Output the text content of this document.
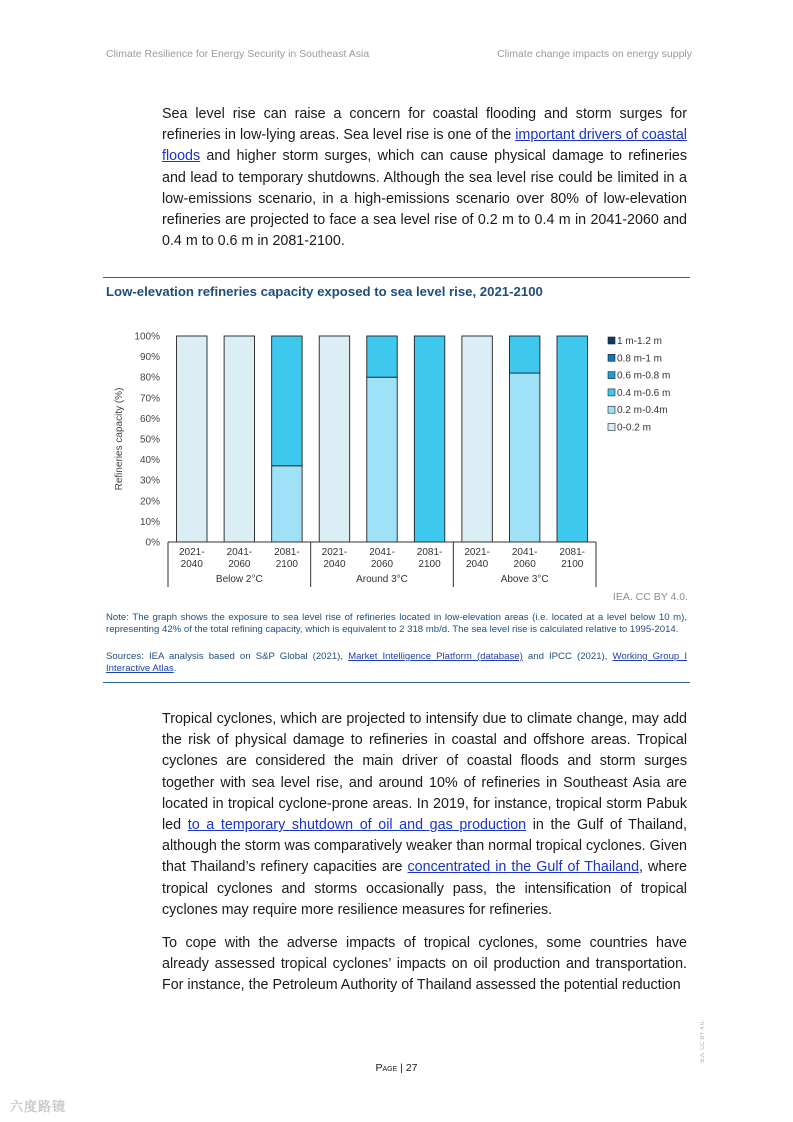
Climate Resilience for Energy Security in Southeast Asia	Climate change impacts on energy supply
Sea level rise can raise a concern for coastal flooding and storm surges for refineries in low-lying areas. Sea level rise is one of the important drivers of coastal floods and higher storm surges, which can cause physical damage to refineries and lead to temporary shutdowns. Although the sea level rise could be limited in a low-emissions scenario, in a high-emissions scenario over 80% of low-elevation refineries are projected to face a sea level rise of 0.2 m to 0.4 m in 2041-2060 and 0.4 m to 0.6 m in 2081-2100.
Low-elevation refineries capacity exposed to sea level rise, 2021-2100
0%
10%
20%
30%
40%
50%
60%
70%
80%
90%
100%
Refineries capacity (%)
2021-
2040
2041-
2060
2081-
2100
2021-
2040
2041-
2060
2081-
2100
2021-
2040
2041-
2060
2081-
2100
Below 2°C	Around 3°C	Above 3°C
1 m-1.2 m
0.8 m-1 m
0.6 m-0.8 m
0.4 m-0.6 m
0.2 m-0.4m
0-0.2 m
IEA. CC BY 4.0.
Note: The graph shows the exposure to sea level rise of refineries located in low-elevation areas (i.e. located at a level below 10 m), representing 42% of the total refining capacity, which is equivalent to 2 318 mb/d. The sea level rise is calculated relative to 1995-2014.
Sources: IEA analysis based on S&P Global (2021), Market Intelligence Platform (database) and IPCC (2021), Working Group I Interactive Atlas.
Tropical cyclones, which are projected to intensify due to climate change, may add the risk of physical damage to refineries in coastal and offshore areas. Tropical cyclones are considered the main driver of coastal floods and storm surges together with sea level rise, and around 10% of refineries in Southeast Asia are located in tropical cyclone-prone areas. In 2019, for instance, tropical storm Pabuk led to a temporary shutdown of oil and gas production in the Gulf of Thailand, although the storm was comparatively weaker than normal tropical cyclones. Given that Thailand’s refinery capacities are concentrated in the Gulf of Thailand, where tropical cyclones and storms occasionally pass, the intensification of tropical cyclones may require more resilience measures for refineries.
To cope with the adverse impacts of tropical cyclones, some countries have already assessed tropical cyclones’ impacts on oil production and transportation. For instance, the Petroleum Authority of Thailand assessed the potential reduction
Page | 27
IEA. CC BY 4.0.
六度路镜
